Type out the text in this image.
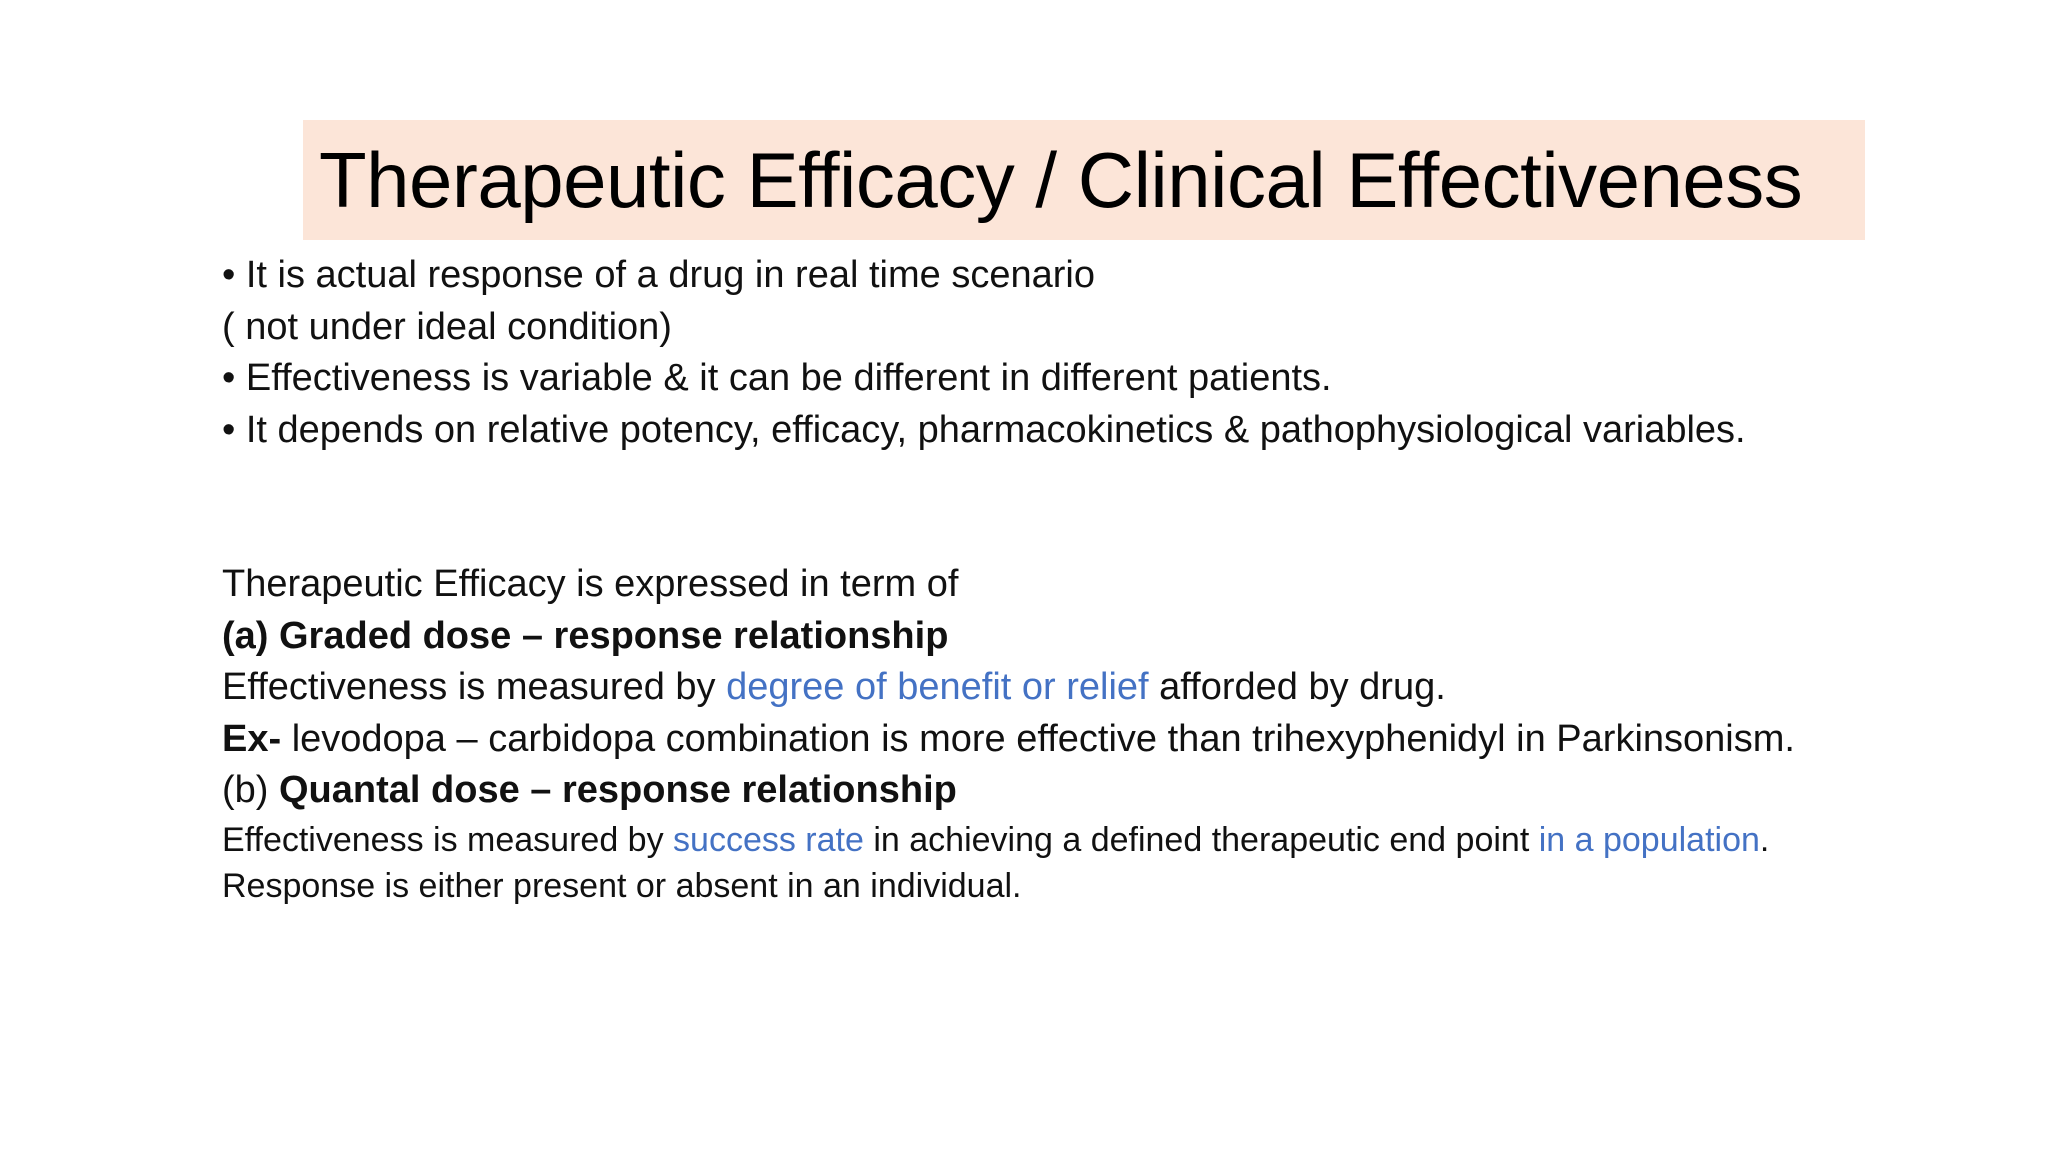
Therapeutic Efficacy / Clinical Effectiveness

• It is actual response of a drug in real time scenario

( not under ideal condition)

• Effectiveness is variable & it can be different in different patients.

• It depends on relative potency, efficacy, pharmacokinetics & pathophysiological variables.

Therapeutic Efficacy is expressed in term of

(a) Graded dose – response relationship

Effectiveness is measured by degree of benefit or relief afforded by drug.

Ex- levodopa – carbidopa combination is more effective than trihexyphenidyl in Parkinsonism.

(b) Quantal dose – response relationship

Effectiveness is measured by success rate in achieving a defined therapeutic end point in a population.

Response is either present or absent in an individual.
